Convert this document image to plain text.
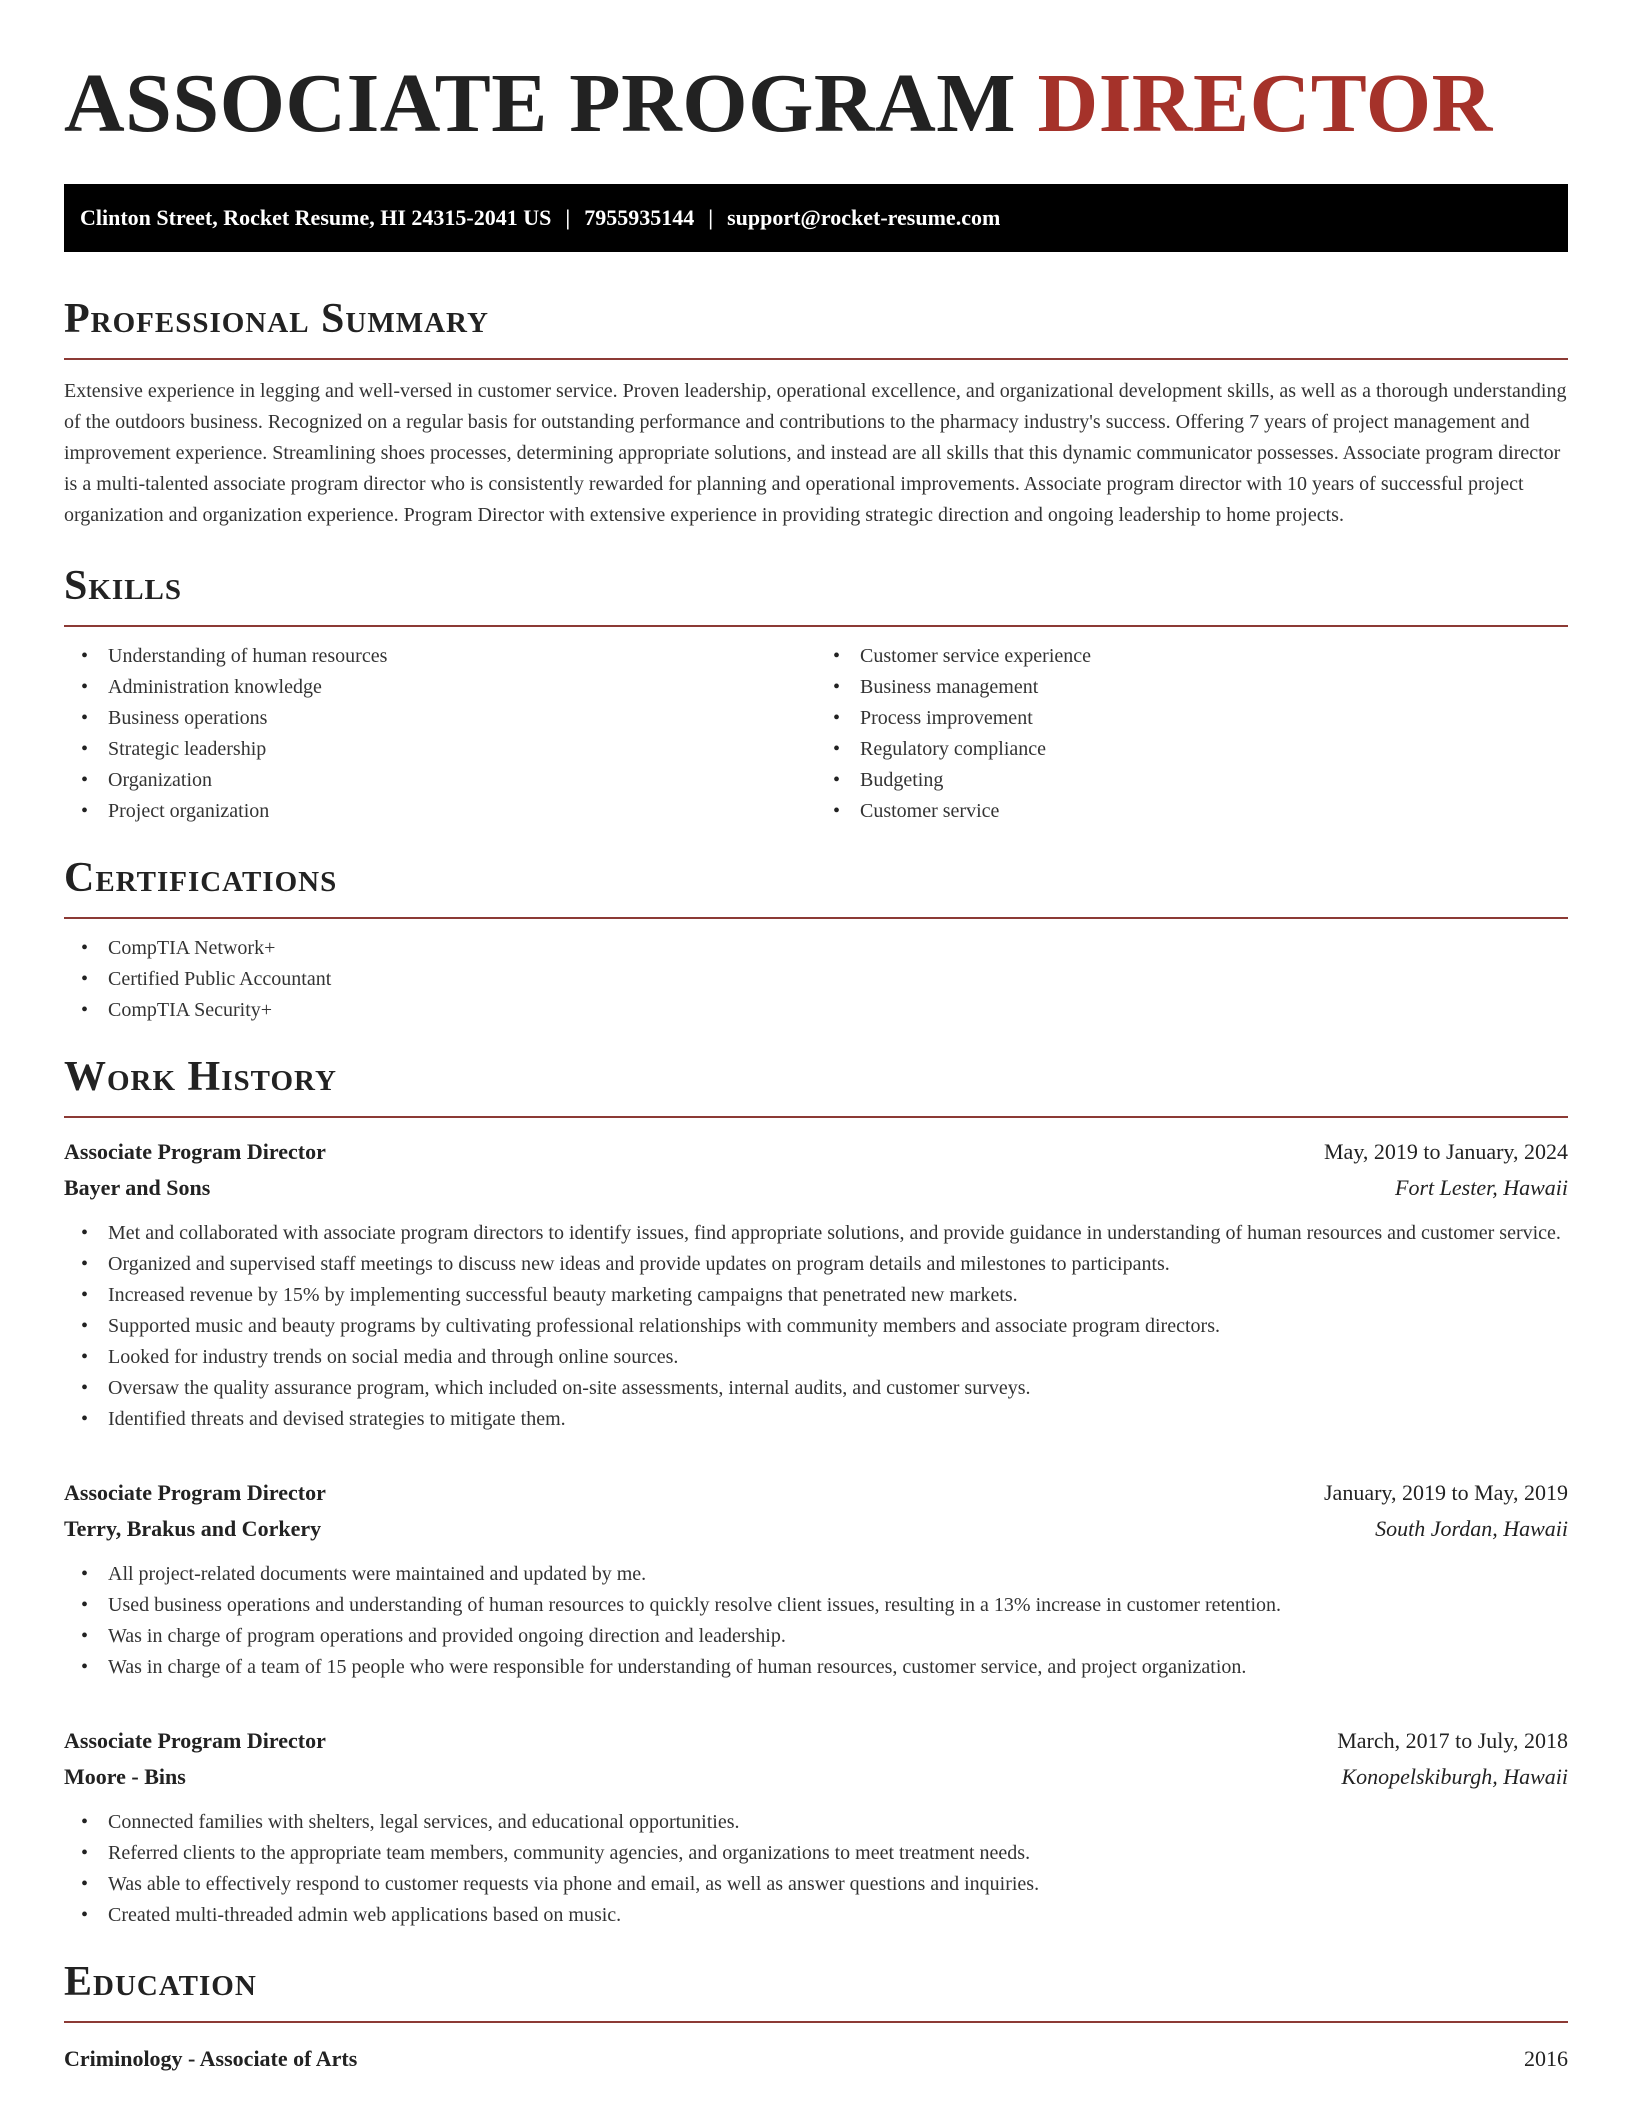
ASSOCIATE PROGRAM DIRECTOR
Clinton Street, Rocket Resume, HI 24315-2041 US | 7955935144 | support@rocket-resume.com
Professional Summary

Extensive experience in legging and well-versed in customer service. Proven leadership, operational excellence, and organizational development skills, as well as a thorough understanding of the outdoors business. Recognized on a regular basis for outstanding performance and contributions to the pharmacy industry's success. Offering 7 years of project management and improvement experience. Streamlining shoes processes, determining appropriate solutions, and instead are all skills that this dynamic communicator possesses. Associate program director is a multi-talented associate program director who is consistently rewarded for planning and operational improvements. Associate program director with 10 years of successful project organization and organization experience. Program Director with extensive experience in providing strategic direction and ongoing leadership to home projects.

Skills
• Understanding of human resources
• Administration knowledge
• Business operations
• Strategic leadership
• Organization
• Project organization
• Customer service experience
• Business management
• Process improvement
• Regulatory compliance
• Budgeting
• Customer service
Certifications
• CompTIA Network+
• Certified Public Accountant
• CompTIA Security+
Work History
Associate Program Director	May, 2019 to January, 2024
Bayer and Sons	Fort Lester, Hawaii
• Met and collaborated with associate program directors to identify issues, find appropriate solutions, and provide guidance in understanding of human resources and customer service.
• Organized and supervised staff meetings to discuss new ideas and provide updates on program details and milestones to participants.
• Increased revenue by 15% by implementing successful beauty marketing campaigns that penetrated new markets.
• Supported music and beauty programs by cultivating professional relationships with community members and associate program directors.
• Looked for industry trends on social media and through online sources.
• Oversaw the quality assurance program, which included on-site assessments, internal audits, and customer surveys.
• Identified threats and devised strategies to mitigate them.
Associate Program Director	January, 2019 to May, 2019
Terry, Brakus and Corkery	South Jordan, Hawaii
• All project-related documents were maintained and updated by me.
• Used business operations and understanding of human resources to quickly resolve client issues, resulting in a 13% increase in customer retention.
• Was in charge of program operations and provided ongoing direction and leadership.
• Was in charge of a team of 15 people who were responsible for understanding of human resources, customer service, and project organization.
Associate Program Director	March, 2017 to July, 2018
Moore - Bins	Konopelskiburgh, Hawaii
• Connected families with shelters, legal services, and educational opportunities.
• Referred clients to the appropriate team members, community agencies, and organizations to meet treatment needs.
• Was able to effectively respond to customer requests via phone and email, as well as answer questions and inquiries.
• Created multi-threaded admin web applications based on music.
Education
Criminology - Associate of Arts	2016
